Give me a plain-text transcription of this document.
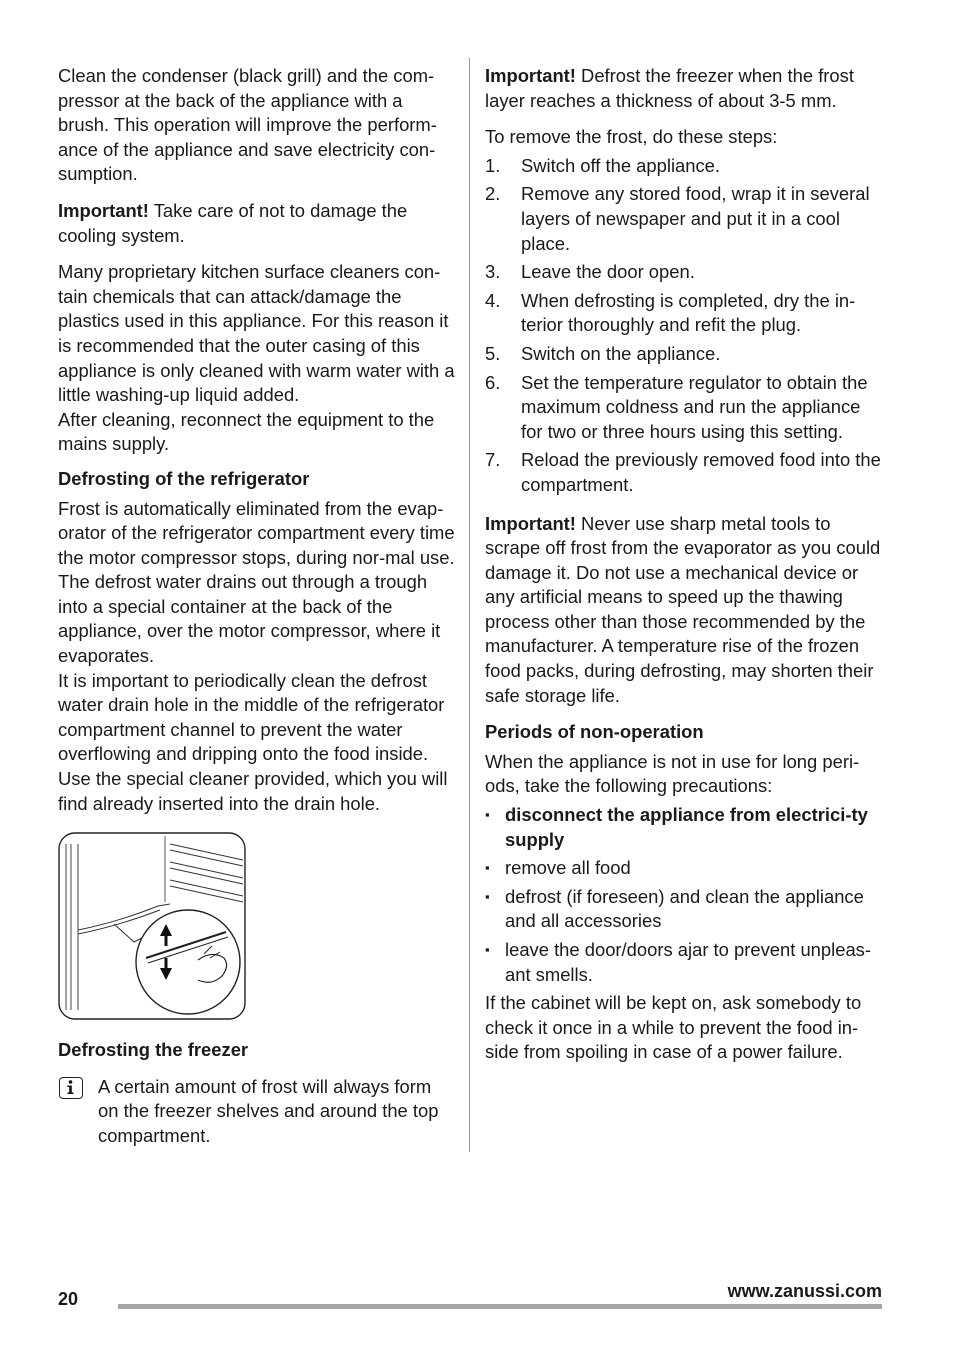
Clean the condenser (black grill) and the com-pressor at the back of the appliance with a brush. This operation will improve the perform-ance of the appliance and save electricity con-sumption.

Important! Take care of not to damage the cooling system.

Many proprietary kitchen surface cleaners con-tain chemicals that can attack/damage the plastics used in this appliance. For this reason it is recommended that the outer casing of this appliance is only cleaned with warm water with a little washing-up liquid added.

After cleaning, reconnect the equipment to the mains supply.

Defrosting of the refrigerator

Frost is automatically eliminated from the evap-orator of the refrigerator compartment every time the motor compressor stops, during nor-mal use. The defrost water drains out through a trough into a special container at the back of the appliance, over the motor compressor, where it evaporates.

It is important to periodically clean the defrost water drain hole in the middle of the refrigerator compartment channel to prevent the water overflowing and dripping onto the food inside. Use the special cleaner provided, which you will find already inserted into the drain hole.

Defrosting the freezer

A certain amount of frost will always form on the freezer shelves and around the top compartment.

Important! Defrost the freezer when the frost layer reaches a thickness of about 3-5 mm.

To remove the frost, do these steps:

1. Switch off the appliance.
2. Remove any stored food, wrap it in several layers of newspaper and put it in a cool place.
3. Leave the door open.
4. When defrosting is completed, dry the in-terior thoroughly and refit the plug.
5. Switch on the appliance.
6. Set the temperature regulator to obtain the maximum coldness and run the appliance for two or three hours using this setting.
7. Reload the previously removed food into the compartment.

Important! Never use sharp metal tools to scrape off frost from the evaporator as you could damage it. Do not use a mechanical device or any artificial means to speed up the thawing process other than those recommended by the manufacturer. A temperature rise of the frozen food packs, during defrosting, may shorten their safe storage life.

Periods of non-operation

When the appliance is not in use for long peri-ods, take the following precautions:

▪ disconnect the appliance from electrici-ty supply
▪ remove all food
▪ defrost (if foreseen) and clean the appliance and all accessories
▪ leave the door/doors ajar to prevent unpleas-ant smells.

If the cabinet will be kept on, ask somebody to check it once in a while to prevent the food in-side from spoiling in case of a power failure.

20	www.zanussi.com
